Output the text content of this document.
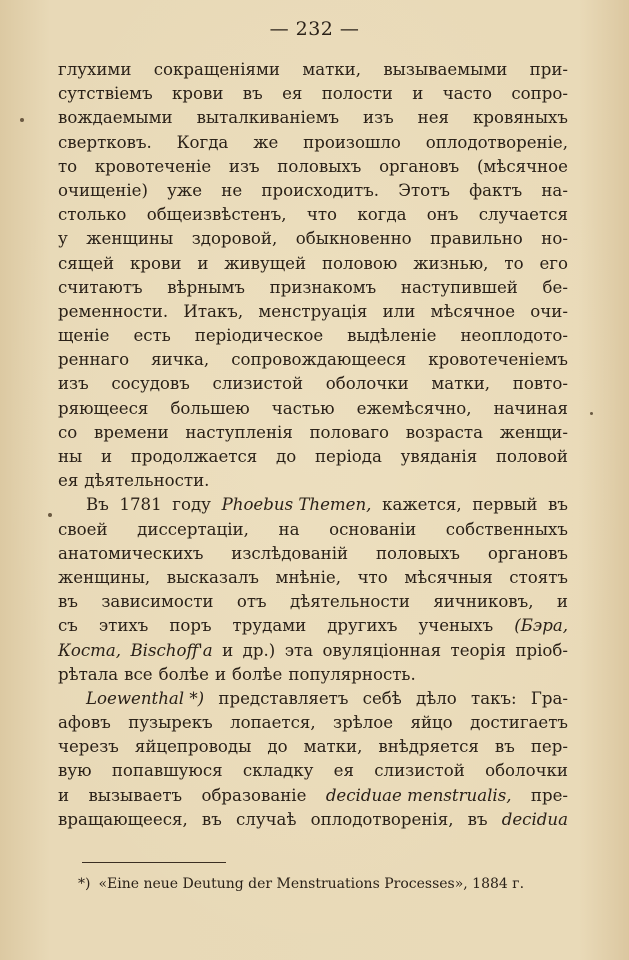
— 232 —
глухими сокращеніями матки, вызываемыми при-
сутствіемъ крови въ ея полости и часто сопро-
вождаемыми выталкиваніемъ изъ нея кровяныхъ
свертковъ. Когда же произошло оплодотвореніе,
то кровотеченіе изъ половыхъ органовъ (мѣсячное
очищеніе) уже не происходитъ. Этотъ фактъ на-
столько общеизвѣстенъ, что когда онъ случается
у женщины здоровой, обыкновенно правильно но-
сящей крови и живущей половою жизнью, то его
считаютъ вѣрнымъ признакомъ наступившей бе-
ременности. Итакъ, менструація или мѣсячное очи-
щеніе есть періодическое выдѣленіе неоплодото-
реннаго яичка, сопровождающееся кровотеченіемъ
изъ сосудовъ слизистой оболочки матки, повто-
ряющееся большею частью ежемѣсячно, начиная
со времени наступленія половаго возраста женщи-
ны и продолжается до періода увяданія половой
ея дѣятельности.
Въ 1781 году Phoebus Themen, кажется, первый въ
своей диссертаціи, на основаніи собственныхъ
анатомическихъ изслѣдованій половыхъ органовъ
женщины, высказалъ мнѣніе, что мѣсячныя стоятъ
въ зависимости отъ дѣятельности яичниковъ, и
съ этихъ поръ трудами другихъ ученыхъ (Бэра,
Коста, Bischoff'a и др.) эта овуляціонная теорія пріоб-
рѣтала все болѣе и болѣе популярность.
Loewenthal *) представляетъ себѣ дѣло такъ: Гра-
афовъ пузырекъ лопается, зрѣлое яйцо достигаетъ
черезъ яйцепроводы до матки, внѣдряется въ пер-
вую попавшуюся складку ея слизистой оболочки
и вызываетъ образованіе deciduae menstrualis, пре-
вращающееся, въ случаѣ оплодотворенія, въ decidua
*) «Eine neue Deutung der Menstruations Processes», 1884 г.
